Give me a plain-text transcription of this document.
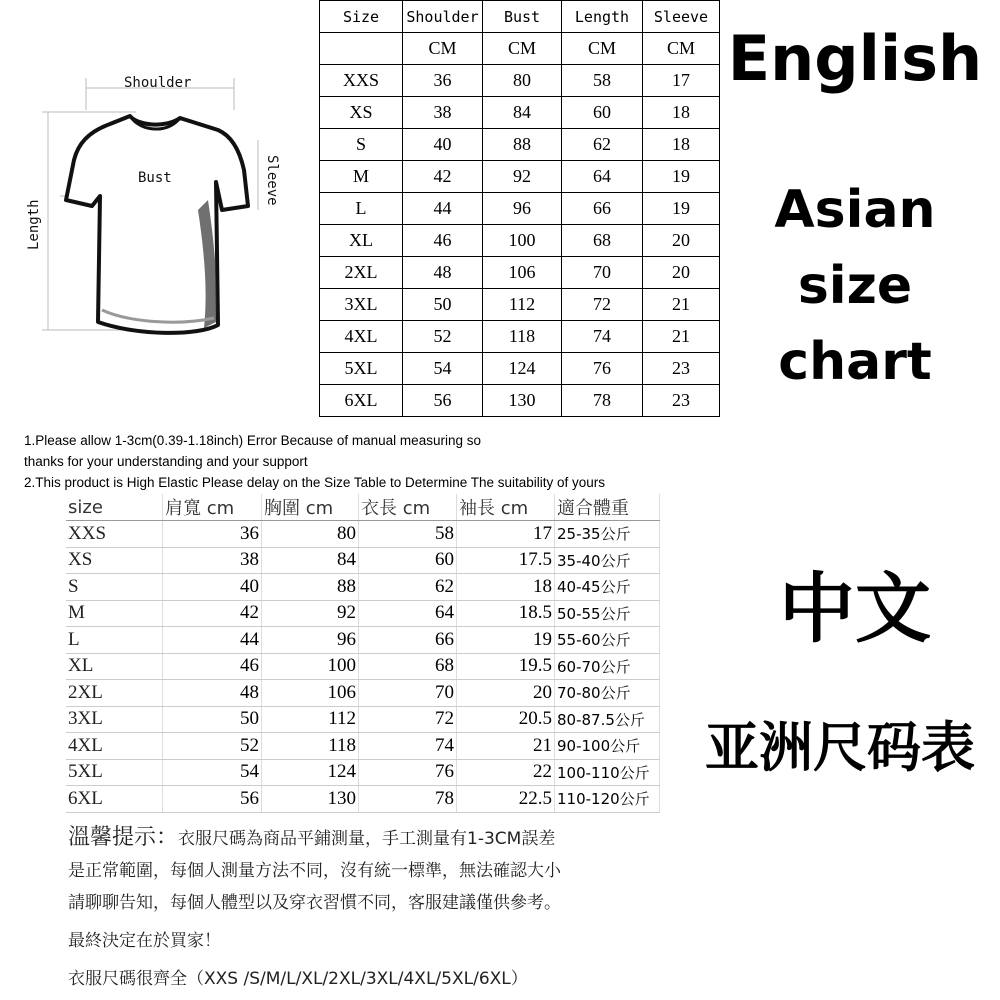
Shoulder
Bust	Sleeve
Length
Size	Shoulder	Bust	Length	Sleeve
	CM	CM	CM	CM
XXS	36	80	58	17
XS	38	84	60	18
S	40	88	62	18
M	42	92	64	19
L	44	96	66	19
XL	46	100	68	20
2XL	48	106	70	20
3XL	50	112	72	21
4XL	52	118	74	21
5XL	54	124	76	23
6XL	56	130	78	23
English
Asian
size
chart
1.Please allow 1-3cm(0.39-1.18inch) Error Because of manual measuring so
thanks for your understanding and your support
2.This product is High Elastic Please delay on the Size Table to Determine The suitability of yours
size	肩寬 cm	胸圍 cm	衣長 cm	袖長 cm	適合體重
XXS	36	80	58	17	25-35公斤
XS	38	84	60	17.5	35-40公斤
S	40	88	62	18	40-45公斤
M	42	92	64	18.5	50-55公斤
L	44	96	66	19	55-60公斤
XL	46	100	68	19.5	60-70公斤
2XL	48	106	70	20	70-80公斤
3XL	50	112	72	20.5	80-87.5公斤
4XL	52	118	74	21	90-100公斤
5XL	54	124	76	22	100-110公斤
6XL	56	130	78	22.5	110-120公斤
中文
亚洲尺码表
溫馨提示：衣服尺碼為商品平鋪測量，手工測量有1-3CM誤差
是正常範圍，每個人測量方法不同，沒有統一標準，無法確認大小
請聊聊告知，每個人體型以及穿衣習慣不同，客服建議僅供參考。
最終決定在於買家！
衣服尺碼很齊全（XXS /S/M/L/XL/2XL/3XL/4XL/5XL/6XL）
